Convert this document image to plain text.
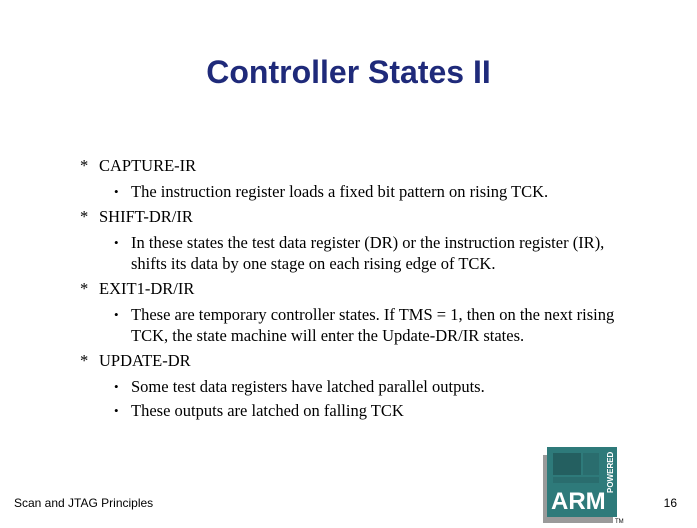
Controller States II
* CAPTURE-IR
• The instruction register loads a fixed bit pattern on rising TCK.
* SHIFT-DR/IR
• In these states the test data register (DR) or the instruction register (IR), shifts its data by one stage on each rising edge of TCK.
* EXIT1-DR/IR
• These are temporary controller states. If TMS = 1, then on the next rising TCK, the state machine will enter the Update-DR/IR states.
* UPDATE-DR
• Some test data registers have latched parallel outputs.
• These outputs are latched on falling TCK
Scan and JTAG Principles	ARM
POWERED
TM
16
